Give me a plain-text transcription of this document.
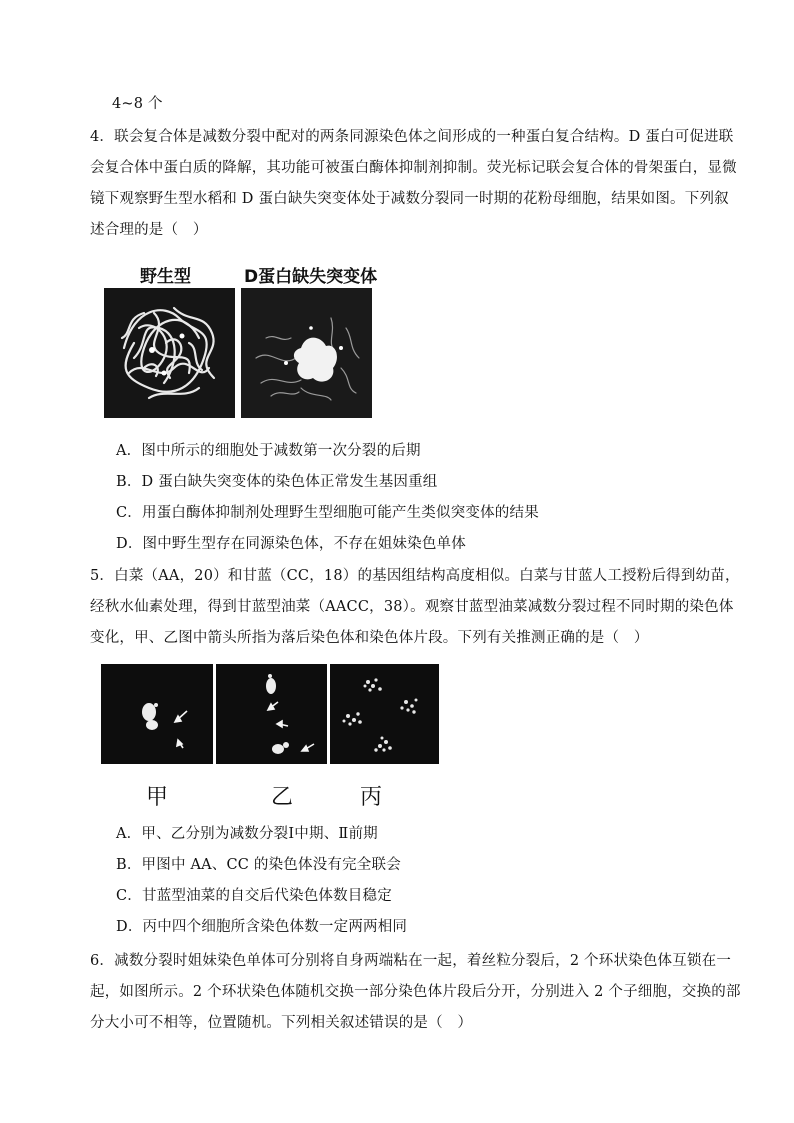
4~8 个
4．联会复合体是减数分裂中配对的两条同源染色体之间形成的一种蛋白复合结构。D 蛋白可促进联
会复合体中蛋白质的降解，其功能可被蛋白酶体抑制剂抑制。荧光标记联会复合体的骨架蛋白，显微
镜下观察野生型水稻和 D 蛋白缺失突变体处于减数分裂同一时期的花粉母细胞，结果如图。下列叙
述合理的是（　）
野生型	D蛋白缺失突变体
A．图中所示的细胞处于减数第一次分裂的后期
B．D 蛋白缺失突变体的染色体正常发生基因重组
C．用蛋白酶体抑制剂处理野生型细胞可能产生类似突变体的结果
D．图中野生型存在同源染色体，不存在姐妹染色单体
5．白菜（AA，20）和甘蓝（CC，18）的基因组结构高度相似。白菜与甘蓝人工授粉后得到幼苗，
经秋水仙素处理，得到甘蓝型油菜（AACC，38）。观察甘蓝型油菜减数分裂过程不同时期的染色体
变化，甲、乙图中箭头所指为落后染色体和染色体片段。下列有关推测正确的是（　）
甲	乙	丙
A．甲、乙分别为减数分裂Ⅰ中期、Ⅱ前期
B．甲图中 AA、CC 的染色体没有完全联会
C．甘蓝型油菜的自交后代染色体数目稳定
D．丙中四个细胞所含染色体数一定两两相同
6．减数分裂时姐妹染色单体可分别将自身两端粘在一起，着丝粒分裂后，2 个环状染色体互锁在一
起，如图所示。2 个环状染色体随机交换一部分染色体片段后分开，分别进入 2 个子细胞，交换的部
分大小可不相等，位置随机。下列相关叙述错误的是（　）
